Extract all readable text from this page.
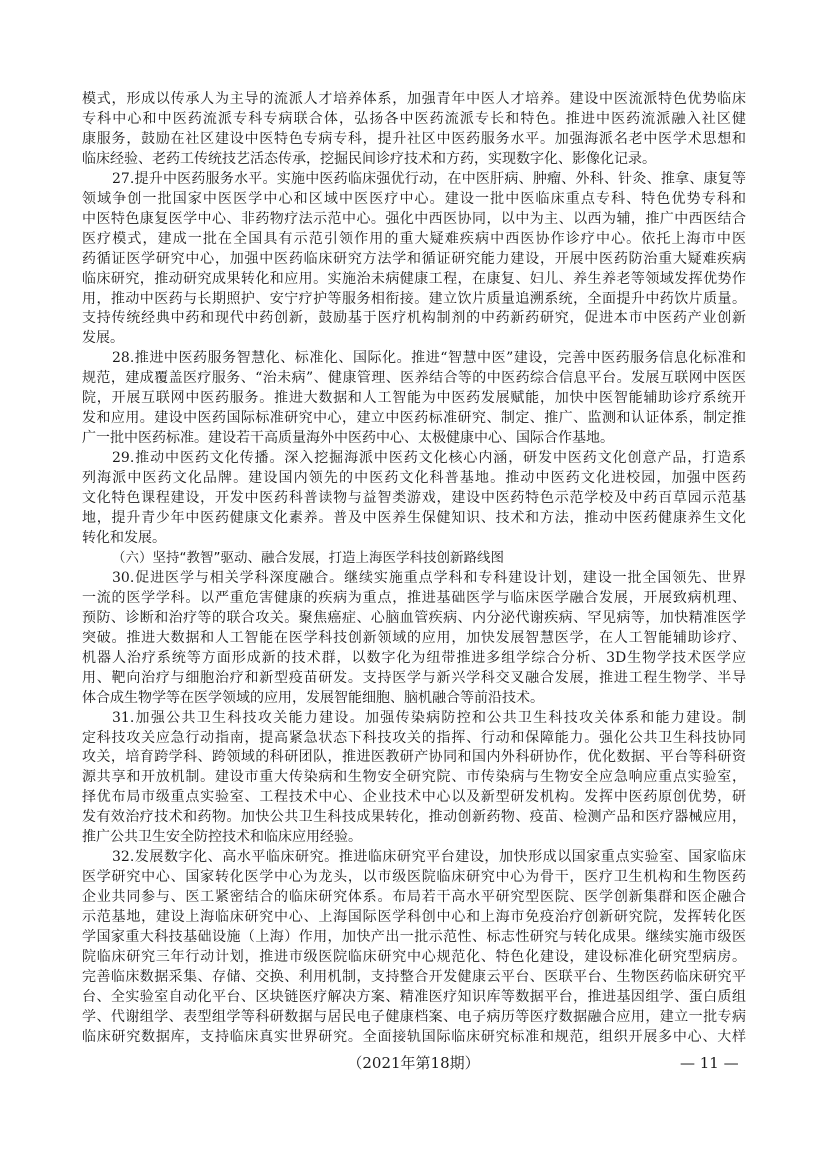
模式，形成以传承人为主导的流派人才培养体系，加强青年中医人才培养。建设中医流派特色优势临床
专科中心和中医药流派专科专病联合体，弘扬各中医药流派专长和特色。推进中医药流派融入社区健
康服务，鼓励在社区建设中医特色专病专科，提升社区中医药服务水平。加强海派名老中医学术思想和
临床经验、老药工传统技艺活态传承，挖掘民间诊疗技术和方药，实现数字化、影像化记录。
27.提升中医药服务水平。实施中医药临床强优行动，在中医肝病、肿瘤、外科、针灸、推拿、康复等
领域争创一批国家中医医学中心和区域中医医疗中心。建设一批中医临床重点专科、特色优势专科和
中医特色康复医学中心、非药物疗法示范中心。强化中西医协同，以中为主、以西为辅，推广中西医结合
医疗模式，建成一批在全国具有示范引领作用的重大疑难疾病中西医协作诊疗中心。依托上海市中医
药循证医学研究中心，加强中医药临床研究方法学和循证研究能力建设，开展中医药防治重大疑难疾病
临床研究，推动研究成果转化和应用。实施治未病健康工程，在康复、妇儿、养生养老等领域发挥优势作
用，推动中医药与长期照护、安宁疗护等服务相衔接。建立饮片质量追溯系统，全面提升中药饮片质量。
支持传统经典中药和现代中药创新，鼓励基于医疗机构制剂的中药新药研究，促进本市中医药产业创新
发展。
28.推进中医药服务智慧化、标准化、国际化。推进“智慧中医”建设，完善中医药服务信息化标准和
规范，建成覆盖医疗服务、“治未病”、健康管理、医养结合等的中医药综合信息平台。发展互联网中医医
院，开展互联网中医药服务。推进大数据和人工智能为中医药发展赋能，加快中医智能辅助诊疗系统开
发和应用。建设中医药国际标准研究中心，建立中医药标准研究、制定、推广、监测和认证体系，制定推
广一批中医药标准。建设若干高质量海外中医药中心、太极健康中心、国际合作基地。
29.推动中医药文化传播。深入挖掘海派中医药文化核心内涵，研发中医药文化创意产品，打造系
列海派中医药文化品牌。建设国内领先的中医药文化科普基地。推动中医药文化进校园，加强中医药
文化特色课程建设，开发中医药科普读物与益智类游戏，建设中医药特色示范学校及中药百草园示范基
地，提升青少年中医药健康文化素养。普及中医养生保健知识、技术和方法，推动中医药健康养生文化
转化和发展。
（六）坚持“教智”驱动、融合发展，打造上海医学科技创新路线图
30.促进医学与相关学科深度融合。继续实施重点学科和专科建设计划，建设一批全国领先、世界
一流的医学学科。以严重危害健康的疾病为重点，推进基础医学与临床医学融合发展，开展致病机理、
预防、诊断和治疗等的联合攻关。聚焦癌症、心脑血管疾病、内分泌代谢疾病、罕见病等，加快精准医学
突破。推进大数据和人工智能在医学科技创新领域的应用，加快发展智慧医学，在人工智能辅助诊疗、
机器人治疗系统等方面形成新的技术群，以数字化为纽带推进多组学综合分析、3D生物学技术医学应
用、靶向治疗与细胞治疗和新型疫苗研发。支持医学与新兴学科交叉融合发展，推进工程生物学、半导
体合成生物学等在医学领域的应用，发展智能细胞、脑机融合等前沿技术。
31.加强公共卫生科技攻关能力建设。加强传染病防控和公共卫生科技攻关体系和能力建设。制
定科技攻关应急行动指南，提高紧急状态下科技攻关的指挥、行动和保障能力。强化公共卫生科技协同
攻关，培育跨学科、跨领域的科研团队，推进医教研产协同和国内外科研协作，优化数据、平台等科研资
源共享和开放机制。建设市重大传染病和生物安全研究院、市传染病与生物安全应急响应重点实验室，
择优布局市级重点实验室、工程技术中心、企业技术中心以及新型研发机构。发挥中医药原创优势，研
发有效治疗技术和药物。加快公共卫生科技成果转化，推动创新药物、疫苗、检测产品和医疗器械应用，
推广公共卫生安全防控技术和临床应用经验。
32.发展数字化、高水平临床研究。推进临床研究平台建设，加快形成以国家重点实验室、国家临床
医学研究中心、国家转化医学中心为龙头，以市级医院临床研究中心为骨干，医疗卫生机构和生物医药
企业共同参与、医工紧密结合的临床研究体系。布局若干高水平研究型医院、医学创新集群和医企融合
示范基地，建设上海临床研究中心、上海国际医学科创中心和上海市免疫治疗创新研究院，发挥转化医
学国家重大科技基础设施（上海）作用，加快产出一批示范性、标志性研究与转化成果。继续实施市级医
院临床研究三年行动计划，推进市级医院临床研究中心规范化、特色化建设，建设标准化研究型病房。
完善临床数据采集、存储、交换、利用机制，支持整合开发健康云平台、医联平台、生物医药临床研究平
台、全实验室自动化平台、区块链医疗解决方案、精准医疗知识库等数据平台，推进基因组学、蛋白质组
学、代谢组学、表型组学等科研数据与居民电子健康档案、电子病历等医疗数据融合应用，建立一批专病
临床研究数据库，支持临床真实世界研究。全面接轨国际临床研究标准和规范，组织开展多中心、大样
（2021年第18期）	— 11 —
